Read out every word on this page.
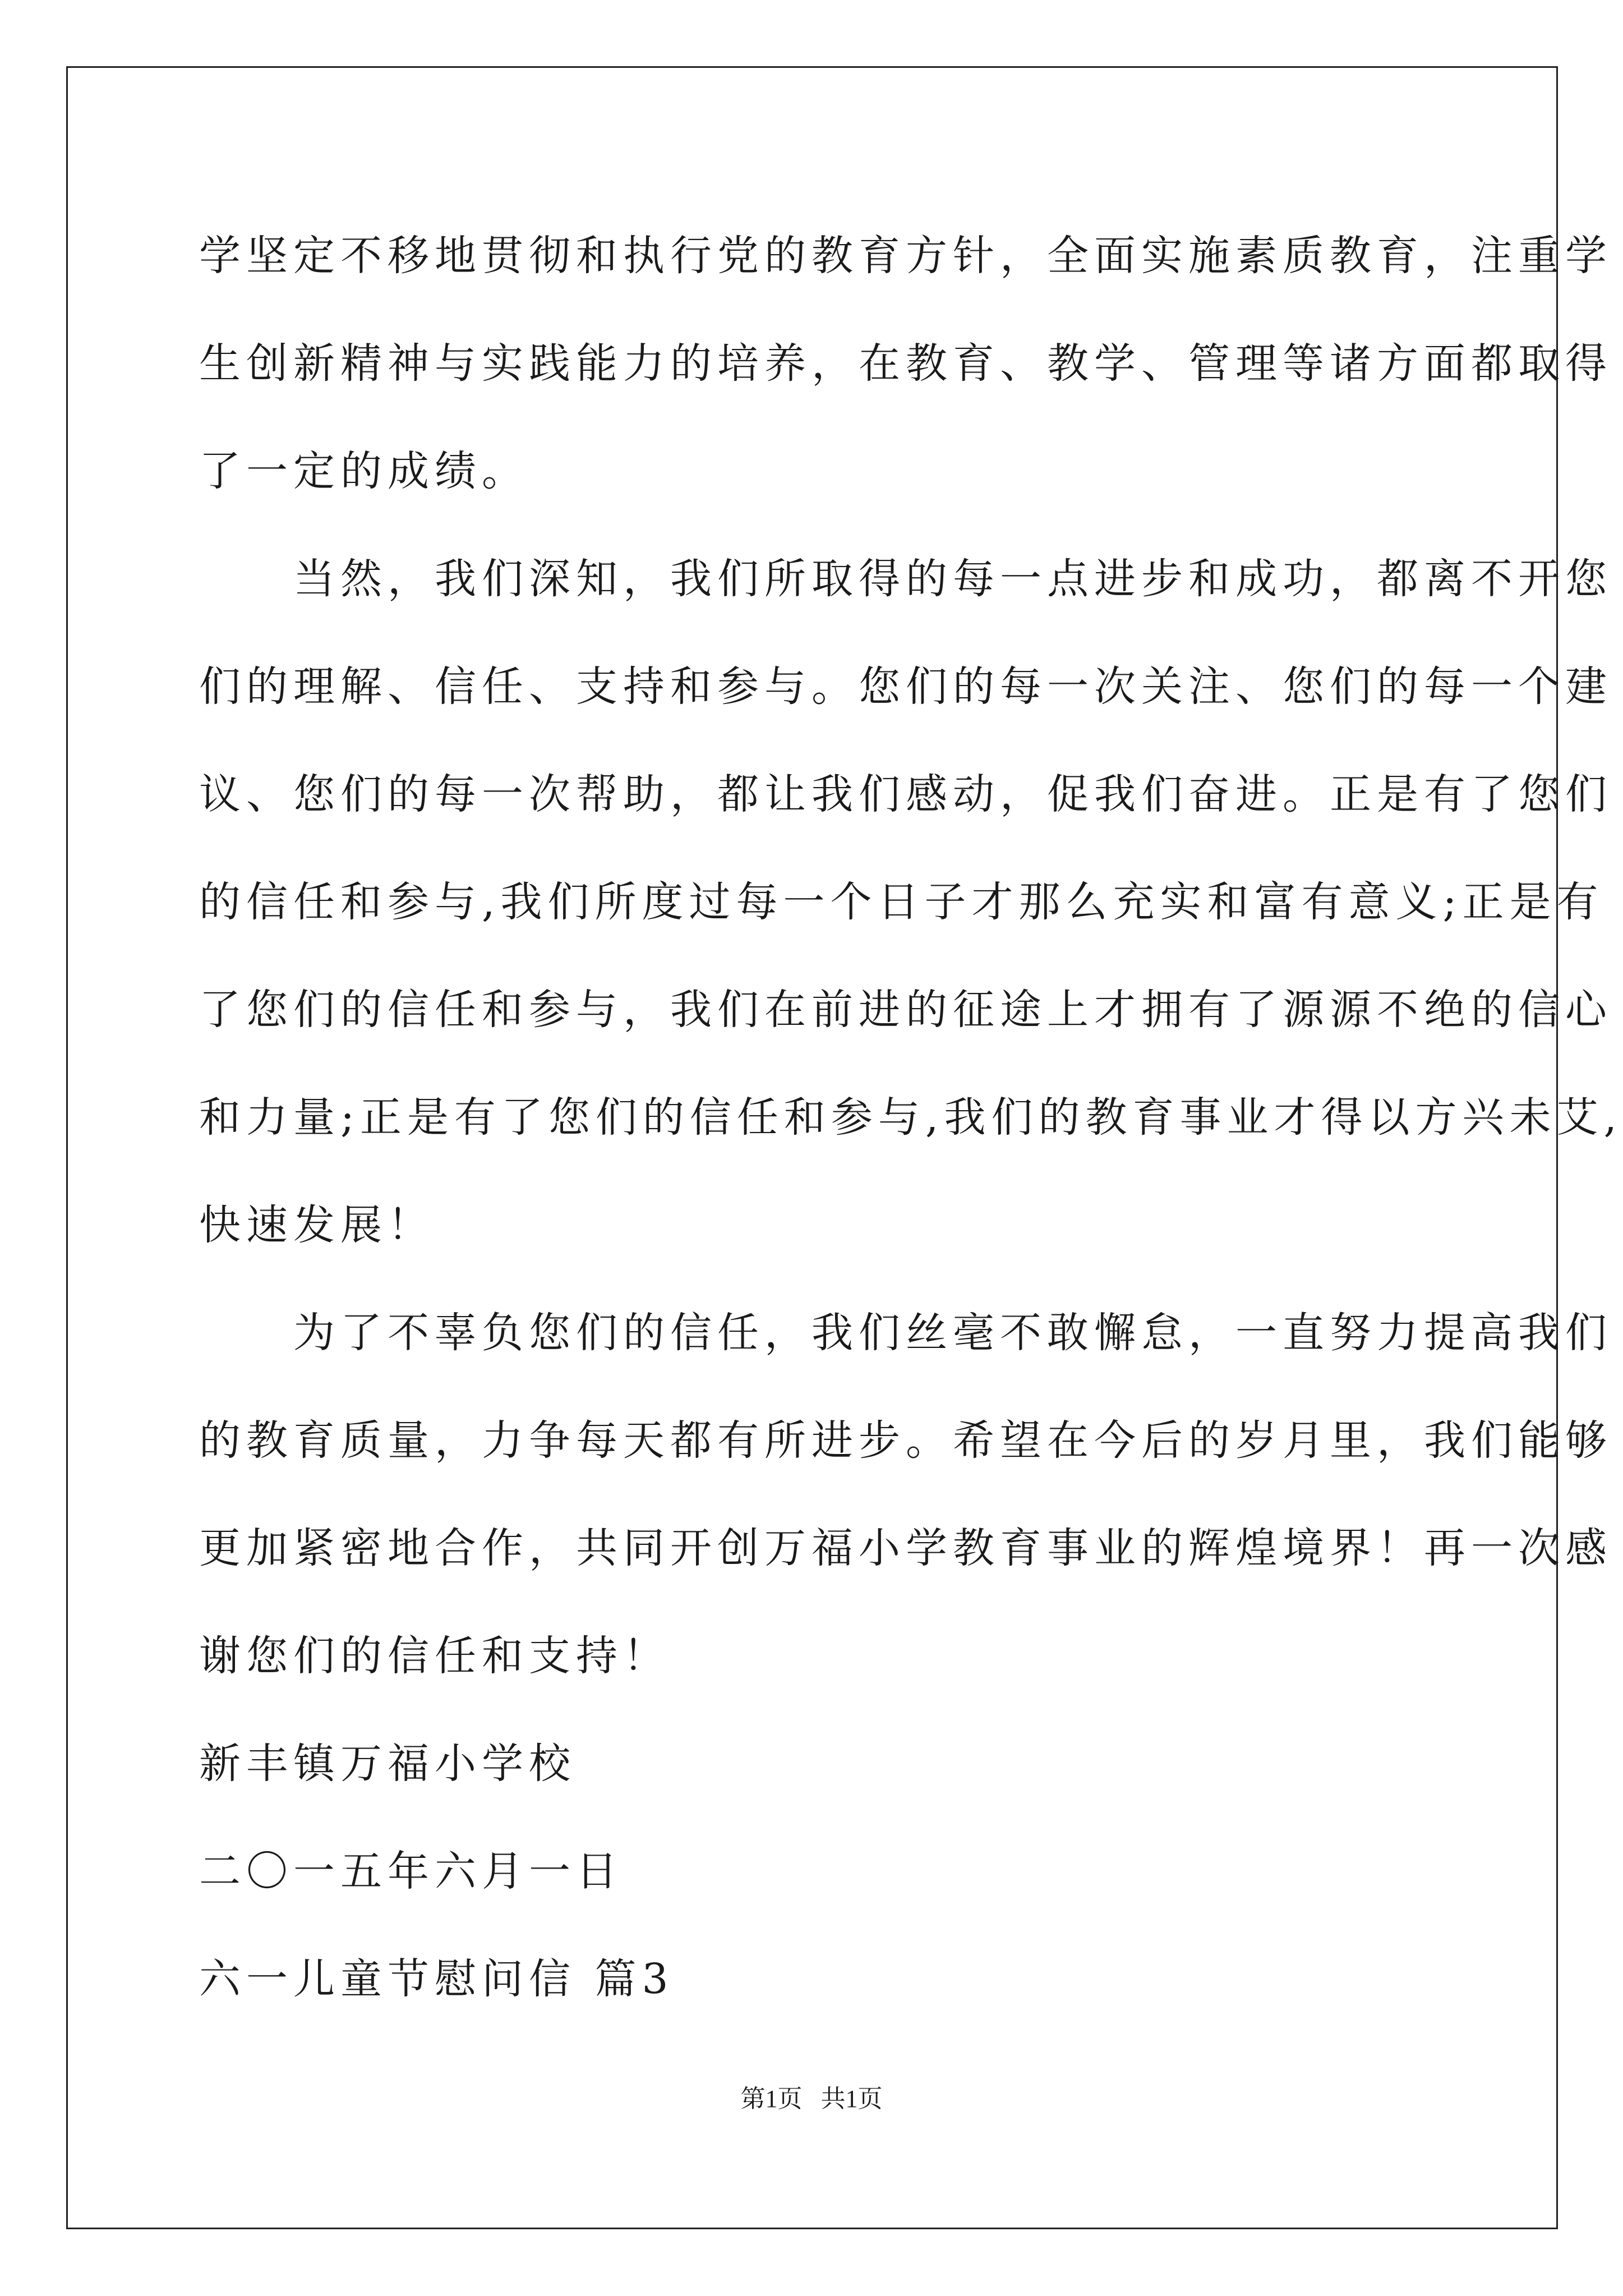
学坚定不移地贯彻和执行党的教育方针，全面实施素质教育，注重学
生创新精神与实践能力的培养，在教育、教学、管理等诸方面都取得
了一定的成绩。
　　当然，我们深知，我们所取得的每一点进步和成功，都离不开您
们的理解、信任、支持和参与。您们的每一次关注、您们的每一个建
议、您们的每一次帮助，都让我们感动，促我们奋进。正是有了您们
的信任和参与,我们所度过每一个日子才那么充实和富有意义;正是有
了您们的信任和参与，我们在前进的征途上才拥有了源源不绝的信心
和力量;正是有了您们的信任和参与,我们的教育事业才得以方兴未艾,
快速发展！
　　为了不辜负您们的信任，我们丝毫不敢懈怠，一直努力提高我们
的教育质量，力争每天都有所进步。希望在今后的岁月里，我们能够
更加紧密地合作，共同开创万福小学教育事业的辉煌境界！再一次感
谢您们的信任和支持！
新丰镇万福小学校
二〇一五年六月一日
六一儿童节慰问信 篇3
第1页   共1页
